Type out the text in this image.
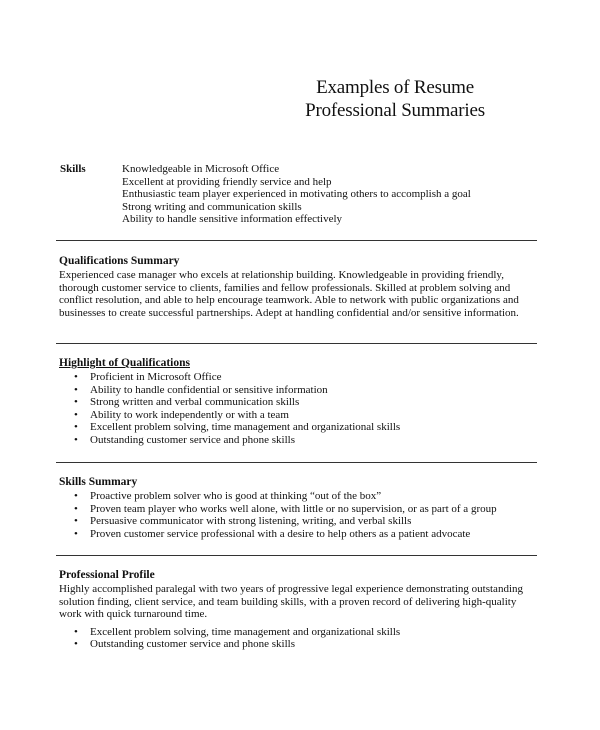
Examples of Resume
Professional Summaries
Skills	Knowledgeable in Microsoft Office
Excellent at providing friendly service and help
Enthusiastic team player experienced in motivating others to accomplish a goal
Strong writing and communication skills
Ability to handle sensitive information effectively
Qualifications Summary

Experienced case manager who excels at relationship building. Knowledgeable in providing friendly, thorough customer service to clients, families and fellow professionals. Skilled at problem solving and conflict resolution, and able to help encourage teamwork. Able to network with public organizations and businesses to create successful partnerships. Adept at handling confidential and/or sensitive information.

Highlight of Qualifications
• Proficient in Microsoft Office
• Ability to handle confidential or sensitive information
• Strong written and verbal communication skills
• Ability to work independently or with a team
• Excellent problem solving, time management and organizational skills
• Outstanding customer service and phone skills
Skills Summary
• Proactive problem solver who is good at thinking “out of the box”
• Proven team player who works well alone, with little or no supervision, or as part of a group
• Persuasive communicator with strong listening, writing, and verbal skills
• Proven customer service professional with a desire to help others as a patient advocate
Professional Profile

Highly accomplished paralegal with two years of progressive legal experience demonstrating outstanding solution finding, client service, and team building skills, with a proven record of delivering high-quality work with quick turnaround time.

• Excellent problem solving, time management and organizational skills
• Outstanding customer service and phone skills
